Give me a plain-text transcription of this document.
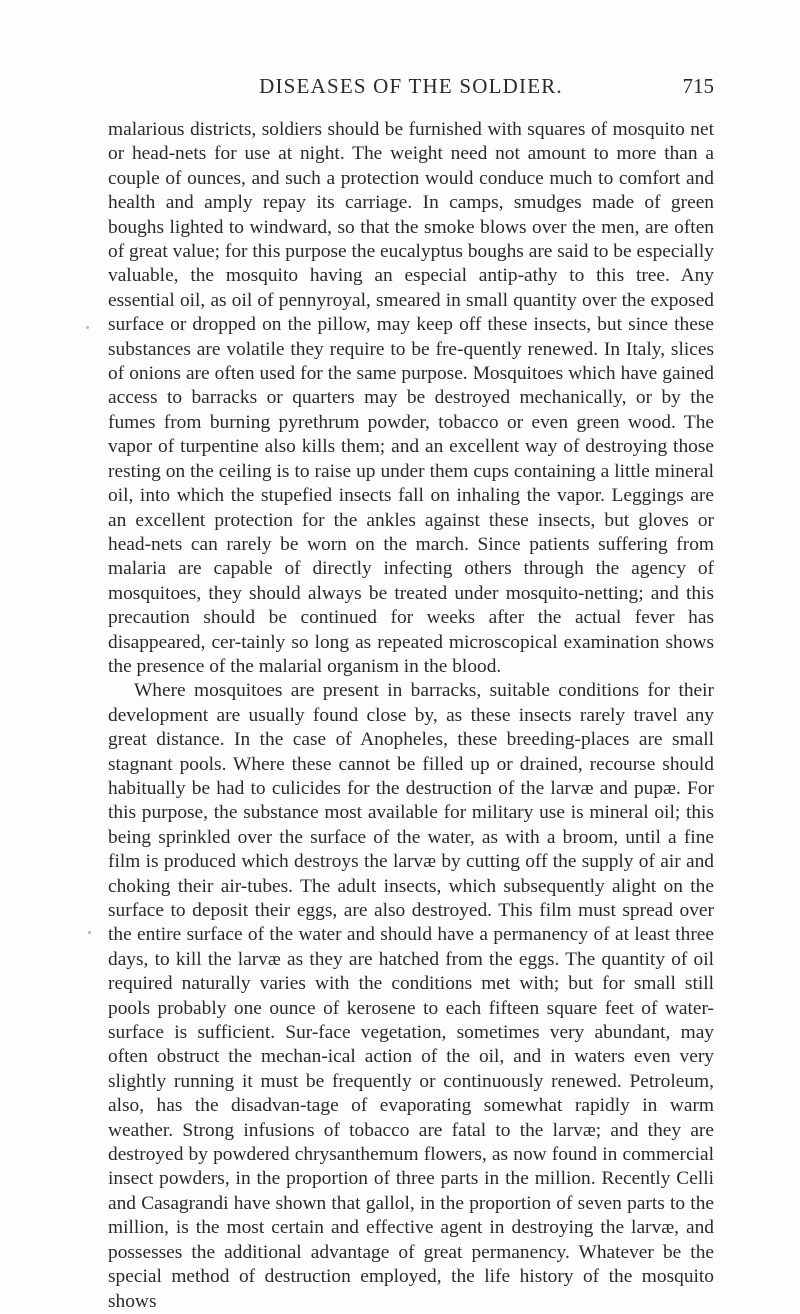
DISEASES OF THE SOLDIER.	715

malarious districts, soldiers should be furnished with squares of mosquito net or head-nets for use at night. The weight need not amount to more than a couple of ounces, and such a protection would conduce much to comfort and health and amply repay its carriage. In camps, smudges made of green boughs lighted to windward, so that the smoke blows over the men, are often of great value; for this purpose the eucalyptus boughs are said to be especially valuable, the mosquito having an especial antip-athy to this tree. Any essential oil, as oil of pennyroyal, smeared in small quantity over the exposed surface or dropped on the pillow, may keep off these insects, but since these substances are volatile they require to be fre-quently renewed. In Italy, slices of onions are often used for the same purpose. Mosquitoes which have gained access to barracks or quarters may be destroyed mechanically, or by the fumes from burning pyrethrum powder, tobacco or even green wood. The vapor of turpentine also kills them; and an excellent way of destroying those resting on the ceiling is to raise up under them cups containing a little mineral oil, into which the stupefied insects fall on inhaling the vapor. Leggings are an excellent protection for the ankles against these insects, but gloves or head-nets can rarely be worn on the march. Since patients suffering from malaria are capable of directly infecting others through the agency of mosquitoes, they should always be treated under mosquito-netting; and this precaution should be continued for weeks after the actual fever has disappeared, cer-tainly so long as repeated microscopical examination shows the presence of the malarial organism in the blood.

Where mosquitoes are present in barracks, suitable conditions for their development are usually found close by, as these insects rarely travel any great distance. In the case of Anopheles, these breeding-places are small stagnant pools. Where these cannot be filled up or drained, recourse should habitually be had to culicides for the destruction of the larvæ and pupæ. For this purpose, the substance most available for military use is mineral oil; this being sprinkled over the surface of the water, as with a broom, until a fine film is produced which destroys the larvæ by cutting off the supply of air and choking their air-tubes. The adult insects, which subsequently alight on the surface to deposit their eggs, are also destroyed. This film must spread over the entire surface of the water and should have a permanency of at least three days, to kill the larvæ as they are hatched from the eggs. The quantity of oil required naturally varies with the conditions met with; but for small still pools probably one ounce of kerosene to each fifteen square feet of water-surface is sufficient. Sur-face vegetation, sometimes very abundant, may often obstruct the mechan-ical action of the oil, and in waters even very slightly running it must be frequently or continuously renewed. Petroleum, also, has the disadvan-tage of evaporating somewhat rapidly in warm weather. Strong infusions of tobacco are fatal to the larvæ; and they are destroyed by powdered chrysanthemum flowers, as now found in commercial insect powders, in the proportion of three parts in the million. Recently Celli and Casagrandi have shown that gallol, in the proportion of seven parts to the million, is the most certain and effective agent in destroying the larvæ, and possesses the additional advantage of great permanency. Whatever be the special method of destruction employed, the life history of the mosquito shows
